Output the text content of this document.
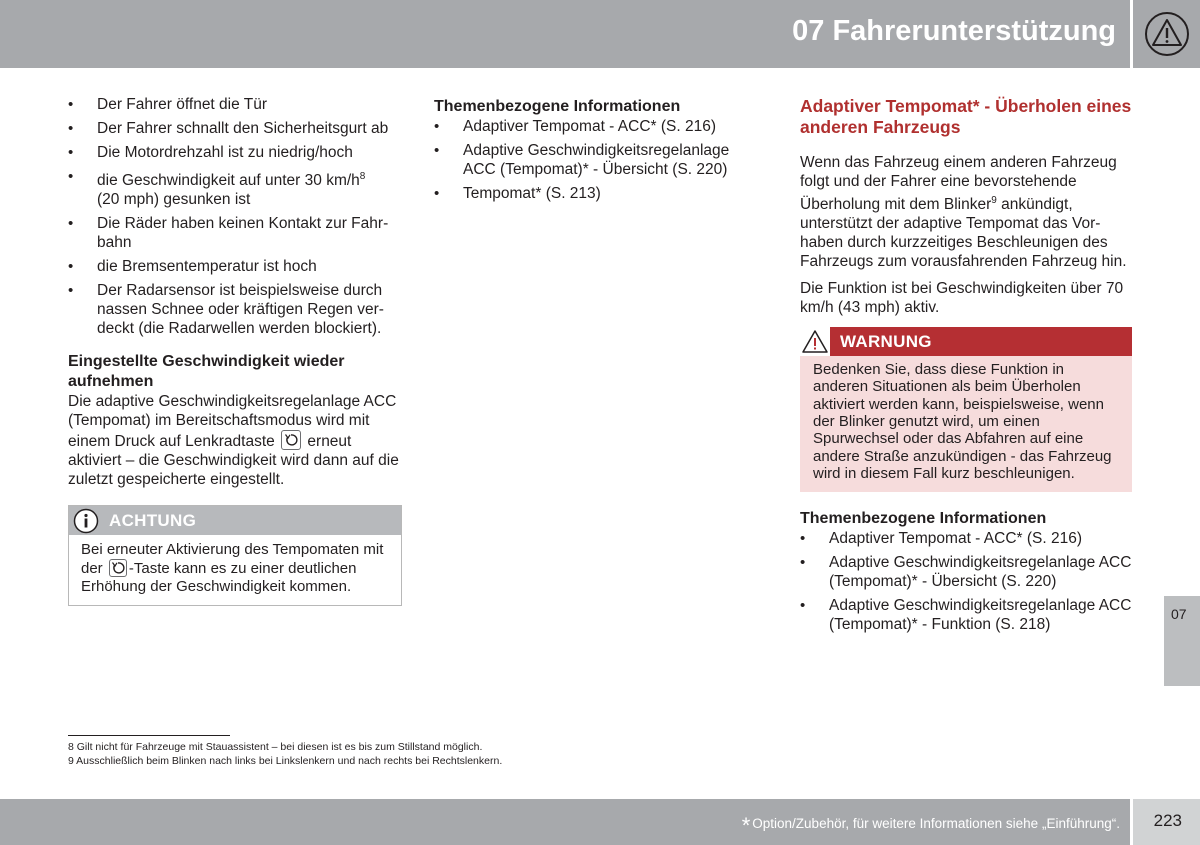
07 Fahrerunterstützung
• Der Fahrer öffnet die Tür
• Der Fahrer schnallt den Sicherheitsgurt ab
• Die Motordrehzahl ist zu niedrig/hoch
• die Geschwindigkeit auf unter 30 $km/h^8$
(20 mph) gesunken ist
• Die Räder haben keinen Kontakt zur Fahrbahn
• die Bremsentemperatur ist hoch
• Der Radarsensor ist beispielsweise durch nassen Schnee oder kräftigen Regen verdeckt (die Radarwellen werden blockiert).
Eingestellte Geschwindigkeit wieder aufnehmen

Die adaptive Geschwindigkeitsregelanlage ACC (Tempomat) im Bereitschaftsmodus wird mit einem Druck auf Lenkradtaste erneut aktiviert – die Geschwindigkeit wird dann auf die zuletzt gespeicherte eingestellt.

ACHTUNG
Bei erneuter Aktivierung des Tempomaten mit der -Taste kann es zu einer deutlichen Erhöhung der Geschwindigkeit kommen.
Themenbezogene Informationen
• Adaptiver Tempomat - ACC* (S. 216)
• Adaptive Geschwindigkeitsregelanlage ACC (Tempomat)* - Übersicht (S. 220)
• Tempomat* (S. 213)
Adaptiver Tempomat* - Überholen eines anderen Fahrzeugs

Wenn das Fahrzeug einem anderen Fahrzeug folgt und der Fahrer eine bevorstehende Überholung mit dem Blinker$^9$ ankündigt, unterstützt der adaptive Tempomat das Vorhaben durch kurzzeitiges Beschleunigen des Fahrzeugs zum vorausfahrenden Fahrzeug hin.

Die Funktion ist bei Geschwindigkeiten über 70 km/h (43 mph) aktiv.

WARNUNG
Bedenken Sie, dass diese Funktion in anderen Situationen als beim Überholen aktiviert werden kann, beispielsweise, wenn der Blinker genutzt wird, um einen Spurwechsel oder das Abfahren auf eine andere Straße anzukündigen - das Fahrzeug wird in diesem Fall kurz beschleunigen.
Themenbezogene Informationen
• Adaptiver Tempomat - ACC* (S. 216)
• Adaptive Geschwindigkeitsregelanlage ACC (Tempomat)* - Übersicht (S. 220)
• Adaptive Geschwindigkeitsregelanlage ACC (Tempomat)* - Funktion (S. 218)
07
8 Gilt nicht für Fahrzeuge mit Stauassistent – bei diesen ist es bis zum Stillstand möglich.
9 Ausschließlich beim Blinken nach links bei Linkslenkern und nach rechts bei Rechtslenkern.
* Option/Zubehör, für weitere Informationen siehe „Einführung“. 223
